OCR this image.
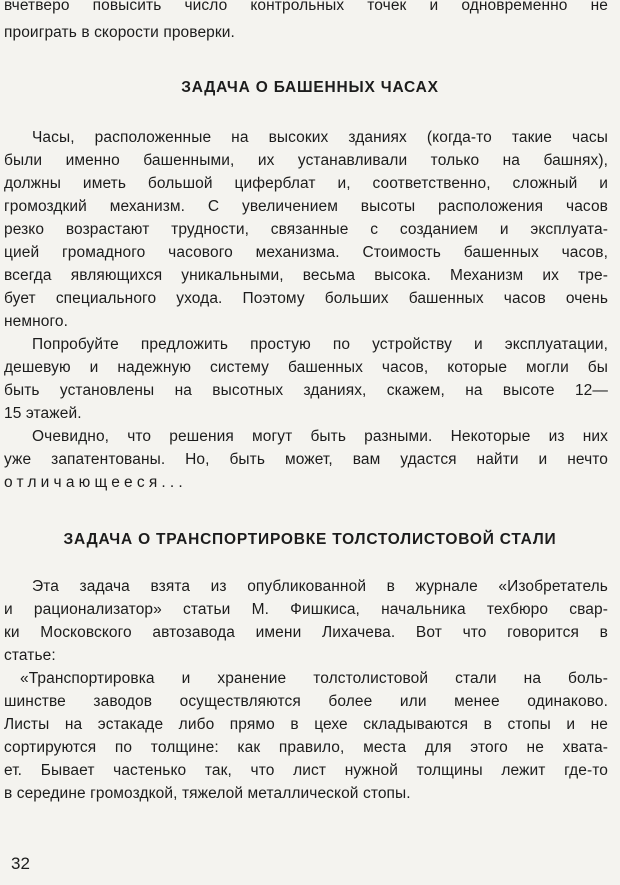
вчетверо повысить число контрольных точек и одновременно не
проиграть в скорости проверки.
ЗАДАЧА О БАШЕННЫХ ЧАСАХ
Часы, расположенные на высоких зданиях (когда-то такие часы
были именно башенными, их устанавливали только на башнях),
должны иметь большой циферблат и, соответственно, сложный и
громоздкий механизм. С увеличением высоты расположения часов
резко возрастают трудности, связанные с созданием и эксплуата-
цией громадного часового механизма. Стоимость башенных часов,
всегда являющихся уникальными, весьма высока. Механизм их тре-
бует специального ухода. Поэтому больших башенных часов очень
немного.
Попробуйте предложить простую по устройству и эксплуатации,
дешевую и надежную систему башенных часов, которые могли бы
быть установлены на высотных зданиях, скажем, на высоте 12—
15 этажей.
Очевидно, что решения могут быть разными. Некоторые из них
уже запатентованы. Но, быть может, вам удастся найти и нечто
отличающееся...
ЗАДАЧА О ТРАНСПОРТИРОВКЕ ТОЛСТОЛИСТОВОЙ СТАЛИ
Эта задача взята из опубликованной в журнале «Изобретатель
и рационализатор» статьи М. Фишкиса, начальника техбюро свар-
ки Московского автозавода имени Лихачева. Вот что говорится в
статье:
«Транспортировка и хранение толстолистовой стали на боль-
шинстве заводов осуществляются более или менее одинаково.
Листы на эстакаде либо прямо в цехе складываются в стопы и не
сортируются по толщине: как правило, места для этого не хвата-
ет. Бывает частенько так, что лист нужной толщины лежит где-то
в середине громоздкой, тяжелой металлической стопы.
32
